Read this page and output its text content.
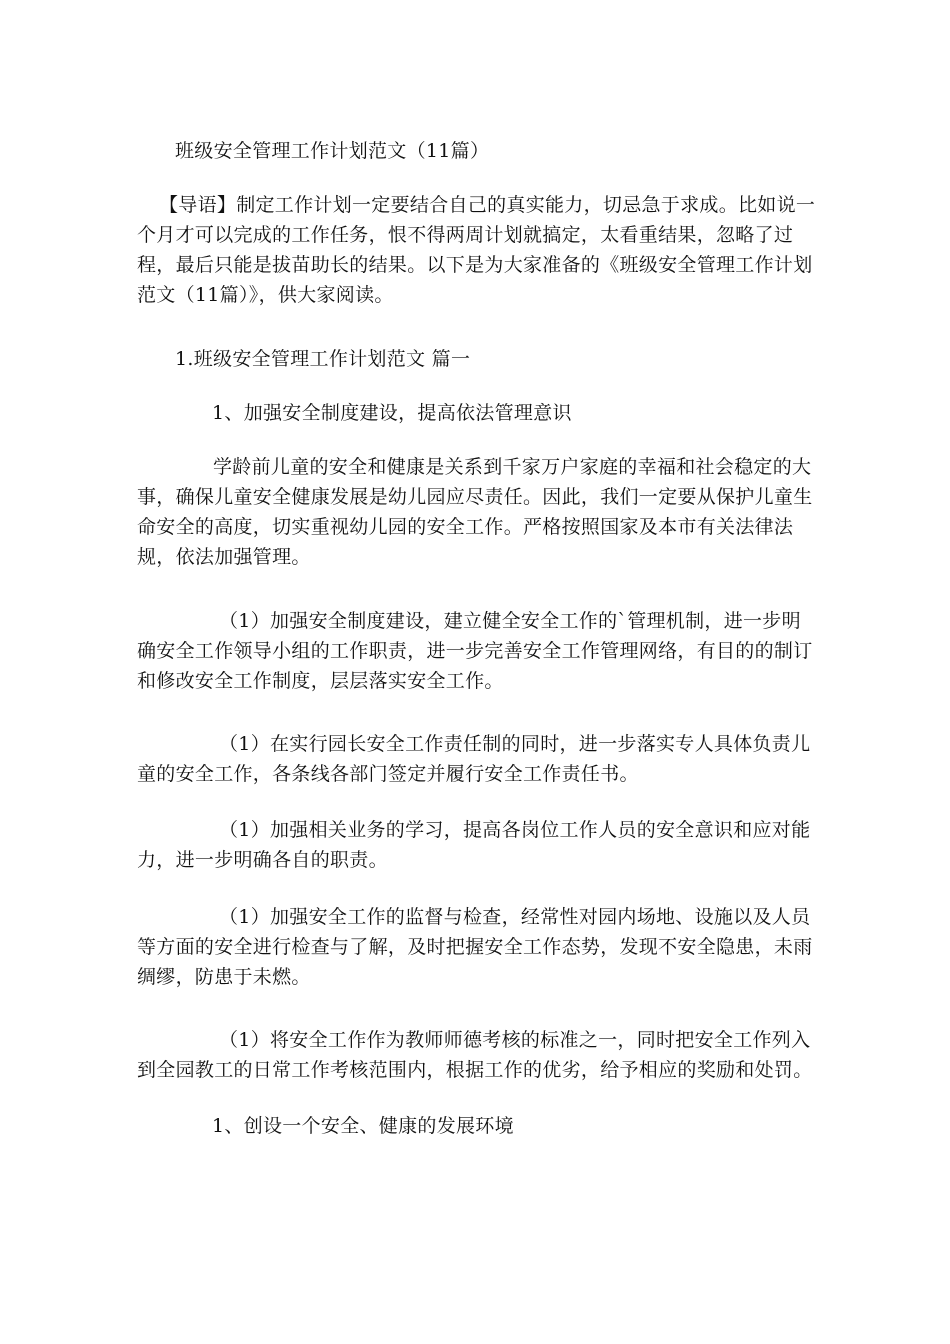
班级安全管理工作计划范文（11篇）

【导语】制定工作计划一定要结合自己的真实能力，切忌急于求成。比如说一个月才可以完成的工作任务，恨不得两周计划就搞定，太看重结果，忽略了过程，最后只能是拔苗助长的结果。以下是为大家准备的《班级安全管理工作计划范文（11篇）》，供大家阅读。

1.班级安全管理工作计划范文 篇一

1、加强安全制度建设，提高依法管理意识

学龄前儿童的安全和健康是关系到千家万户家庭的幸福和社会稳定的大事，确保儿童安全健康发展是幼儿园应尽责任。因此，我们一定要从保护儿童生命安全的高度，切实重视幼儿园的安全工作。严格按照国家及本市有关法律法规，依法加强管理。

（1）加强安全制度建设，建立健全安全工作的`管理机制，进一步明确安全工作领导小组的工作职责，进一步完善安全工作管理网络，有目的的制订和修改安全工作制度，层层落实安全工作。

（1）在实行园长安全工作责任制的同时，进一步落实专人具体负责儿童的安全工作，各条线各部门签定并履行安全工作责任书。

（1）加强相关业务的学习，提高各岗位工作人员的安全意识和应对能力，进一步明确各自的职责。

（1）加强安全工作的监督与检查，经常性对园内场地、设施以及人员等方面的安全进行检查与了解，及时把握安全工作态势，发现不安全隐患，未雨绸缪，防患于未燃。

（1）将安全工作作为教师师德考核的标准之一，同时把安全工作列入到全园教工的日常工作考核范围内，根据工作的优劣，给予相应的奖励和处罚。

1、创设一个安全、健康的发展环境
